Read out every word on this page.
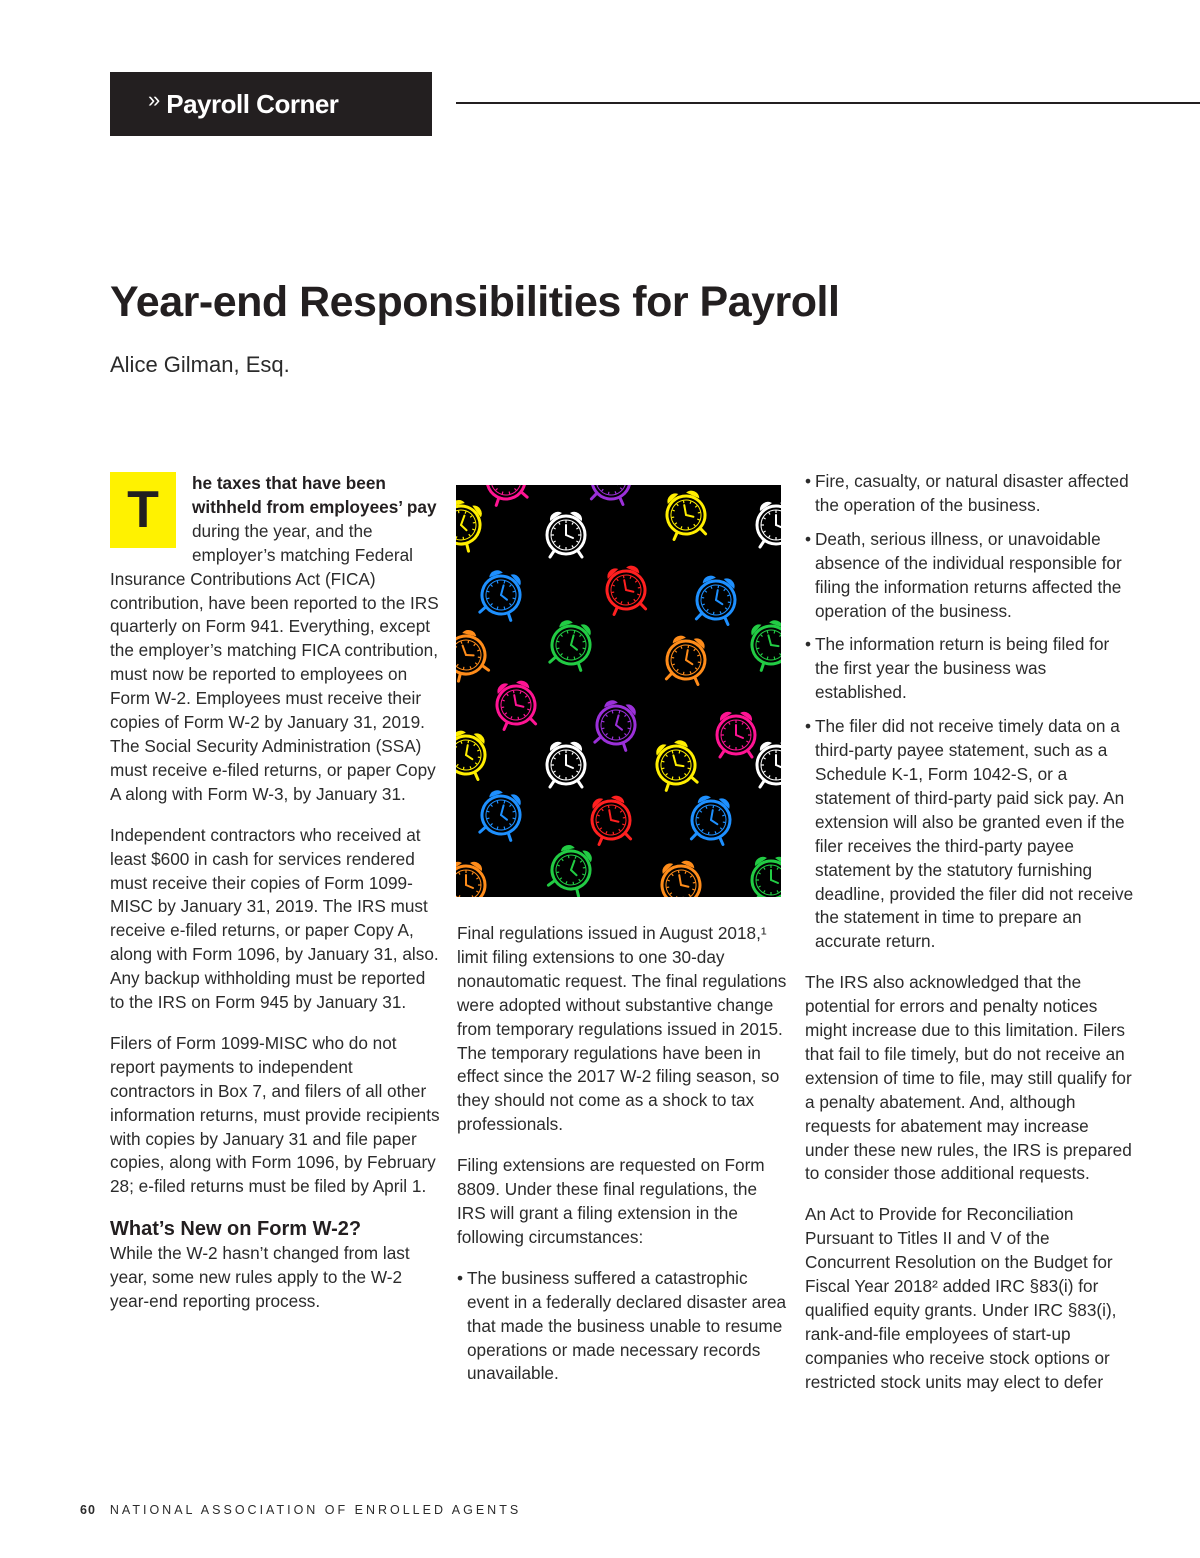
» Payroll Corner
Year-end Responsibilities for Payroll
Alice Gilman, Esq.

T	he taxes that have been withheld from employees’ pay during the year, and the employer’s matching Federal Insurance Contributions Act (FICA) contribution, have been reported to the IRS quarterly on Form 941. Everything, except the employer’s matching FICA contribution, must now be reported to employees on Form W-2. Employees must receive their copies of Form W-2 by January 31, 2019. The Social Security Administration (SSA) must receive e-filed returns, or paper Copy A along with Form W-3, by January 31.

Independent contractors who received at least $600 in cash for services rendered must receive their copies of Form 1099-MISC by January 31, 2019. The IRS must receive e-filed returns, or paper Copy A, along with Form 1096, by January 31, also. Any backup withholding must be reported to the IRS on Form 945 by January 31.

Filers of Form 1099-MISC who do not report payments to independent contractors in Box 7, and filers of all other information returns, must provide recipients with copies by January 31 and file paper copies, along with Form 1096, by February 28; e-filed returns must be filed by April 1.

What’s New on Form W-2?

While the W-2 hasn’t changed from last year, some new rules apply to the W-2 year-end reporting process.

Final regulations issued in August 2018,¹ limit filing extensions to one 30-day nonautomatic request. The final regulations were adopted without substantive change from temporary regulations issued in 2015. The temporary regulations have been in effect since the 2017 W-2 filing season, so they should not come as a shock to tax professionals.

Filing extensions are requested on Form 8809. Under these final regulations, the IRS will grant a filing extension in the following circumstances:

• The business suffered a catastrophic event in a federally declared disaster area that made the business unable to resume operations or made necessary records unavailable.
• Fire, casualty, or natural disaster affected the operation of the business.
• Death, serious illness, or unavoidable absence of the individual responsible for filing the information returns affected the operation of the business.
• The information return is being filed for the first year the business was established.
• The filer did not receive timely data on a third-party payee statement, such as a Schedule K-1, Form 1042-S, or a statement of third-party paid sick pay. An extension will also be granted even if the filer receives the third-party payee statement by the statutory furnishing deadline, provided the filer did not receive the statement in time to prepare an accurate return.

The IRS also acknowledged that the potential for errors and penalty notices might increase due to this limitation. Filers that fail to file timely, but do not receive an extension of time to file, may still qualify for a penalty abatement. And, although requests for abatement may increase under these new rules, the IRS is prepared to consider those additional requests.

An Act to Provide for Reconciliation Pursuant to Titles II and V of the Concurrent Resolution on the Budget for Fiscal Year 2018² added IRC §83(i) for qualified equity grants. Under IRC §83(i), rank-and-file employees of start-up companies who receive stock options or restricted stock units may elect to defer

60 NATIONAL ASSOCIATION OF ENROLLED AGENTS
